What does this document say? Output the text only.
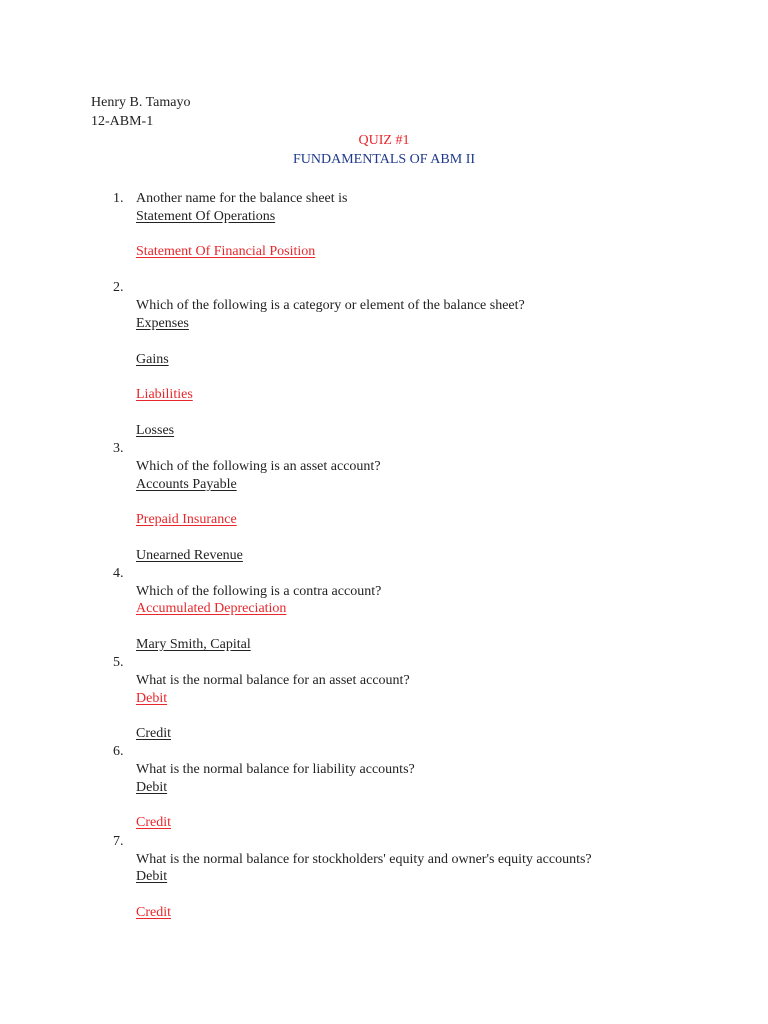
Henry B. Tamayo
12-ABM-1
QUIZ #1
FUNDAMENTALS OF ABM II
1. Another name for the balance sheet is
Statement Of Operations
Statement Of Financial Position
2.
Which of the following is a category or element of the balance sheet?
Expenses
Gains
Liabilities
Losses
3.
Which of the following is an asset account?
Accounts Payable
Prepaid Insurance
Unearned Revenue
4.
Which of the following is a contra account?
Accumulated Depreciation
Mary Smith, Capital
5.
What is the normal balance for an asset account?
Debit
Credit
6.
What is the normal balance for liability accounts?
Debit
Credit
7.
What is the normal balance for stockholders' equity and owner's equity accounts?
Debit
Credit
